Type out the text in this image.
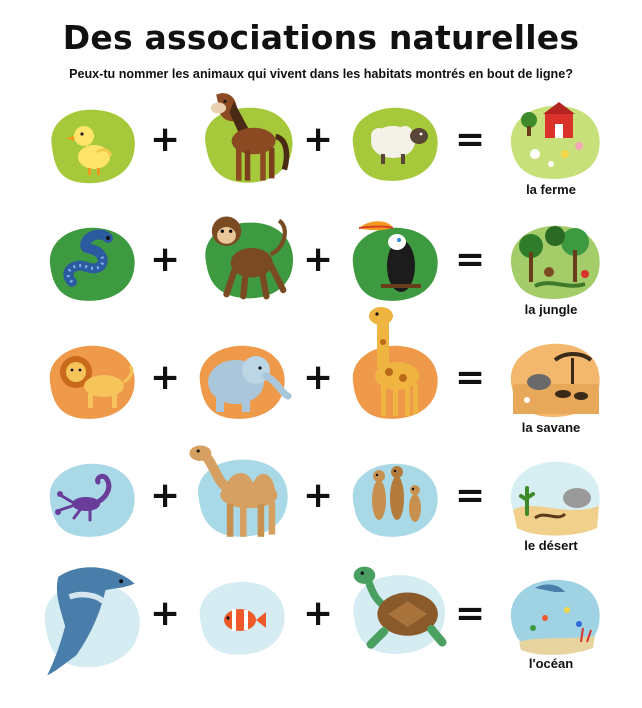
Des associations naturelles
Peux-tu nommer les animaux qui vivent dans les habitats montrés en bout de ligne?
+	+	=
la ferme
+	+	=
la jungle
+	+	=
la savane
+	+	=
le désert
+	+	=
l'océan
